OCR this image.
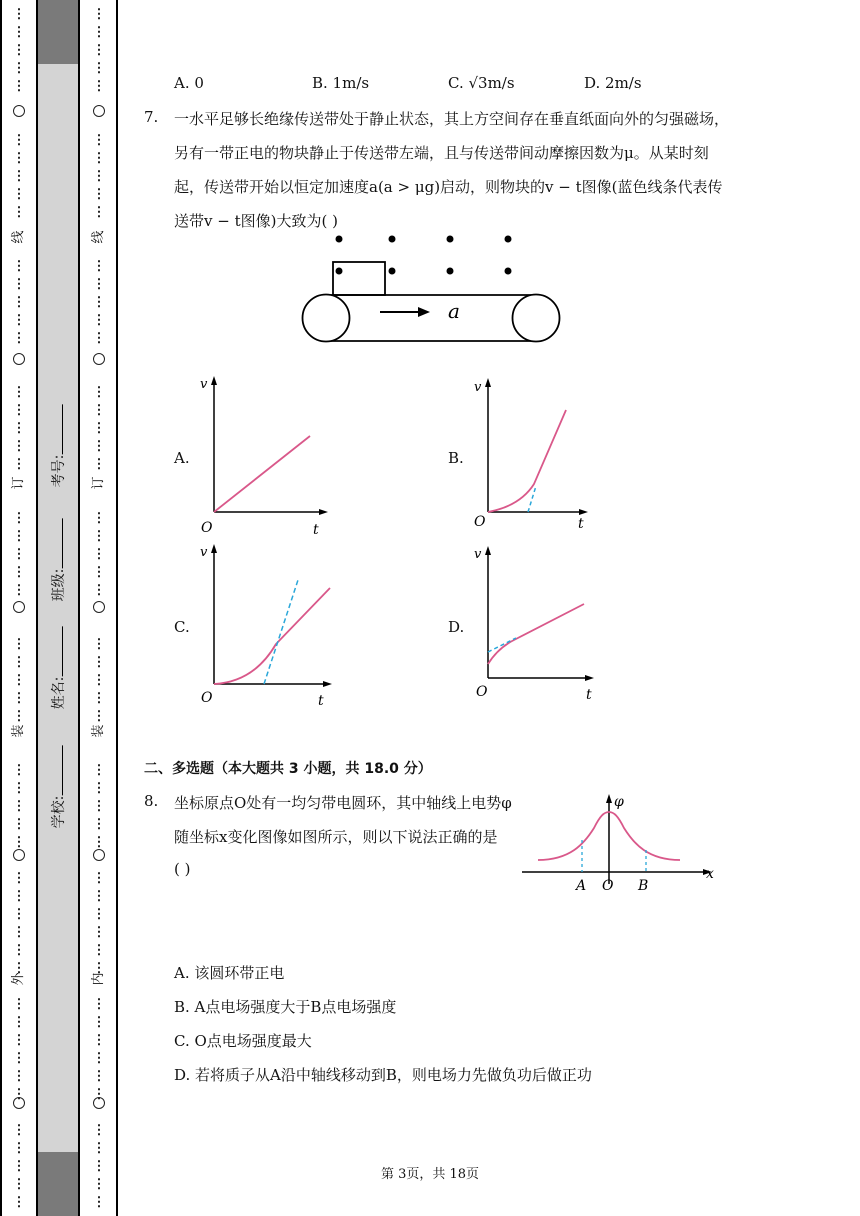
⋮
⋮
⋮
⋮
⋮
⋮
⋮
⋮
⋮
⋮
⋮
⋮
⋮
⋮
⋮
⋮
⋮
⋮
⋮
⋮
⋮
⋮
⋮
⋮
⋮
⋮
⋮
⋮
⋮
⋮
⋮
⋮
⋮
⋮
⋮
⋮
⋮
⋮
⋮
⋮
⋮
⋮
⋮
⋮
⋮
⋮
⋮
⋮
⋮
⋮
⋮
⋮
线
订
装
外
学校:
姓名:
班级:
考号:
⋮
⋮
⋮
⋮
⋮
⋮
⋮
⋮
⋮
⋮
⋮
⋮
⋮
⋮
⋮
⋮
⋮
⋮
⋮
⋮
⋮
⋮
⋮
⋮
⋮
⋮
⋮
⋮
⋮
⋮
⋮
⋮
⋮
⋮
⋮
⋮
⋮
⋮
⋮
⋮
⋮
⋮
⋮
⋮
⋮
⋮
⋮
⋮
⋮
⋮
⋮
⋮
线
订
装
内
A. 0	B. 1m/s	C. √3m/s	D. 2m/s
7. 一水平足够长绝缘传送带处于静止状态，其上方空间存在垂直纸面向外的匀强磁场，
另有一带正电的物块静止于传送带左端，且与传送带间动摩擦因数为μ。从某时刻
起，传送带开始以恒定加速度a(a > μg)启动，则物块的v − t图像(蓝色线条代表传
送带v − t图像)大致为( )
a
A.	B.
C.	D.
v
O	t
v
O	t
v
O	t
v
O	t
二、多选题（本大题共 3 小题，共 18.0 分）
8. 坐标原点O处有一均匀带电圆环，其中轴线上电势φ
随坐标x变化图像如图所示，则以下说法正确的是
( )
φ
x
A O B
A. 该圆环带正电
B. A点电场强度大于B点电场强度
C. O点电场强度最大
D. 若将质子从A沿中轴线移动到B，则电场力先做负功后做正功
第 3页，共 18页
